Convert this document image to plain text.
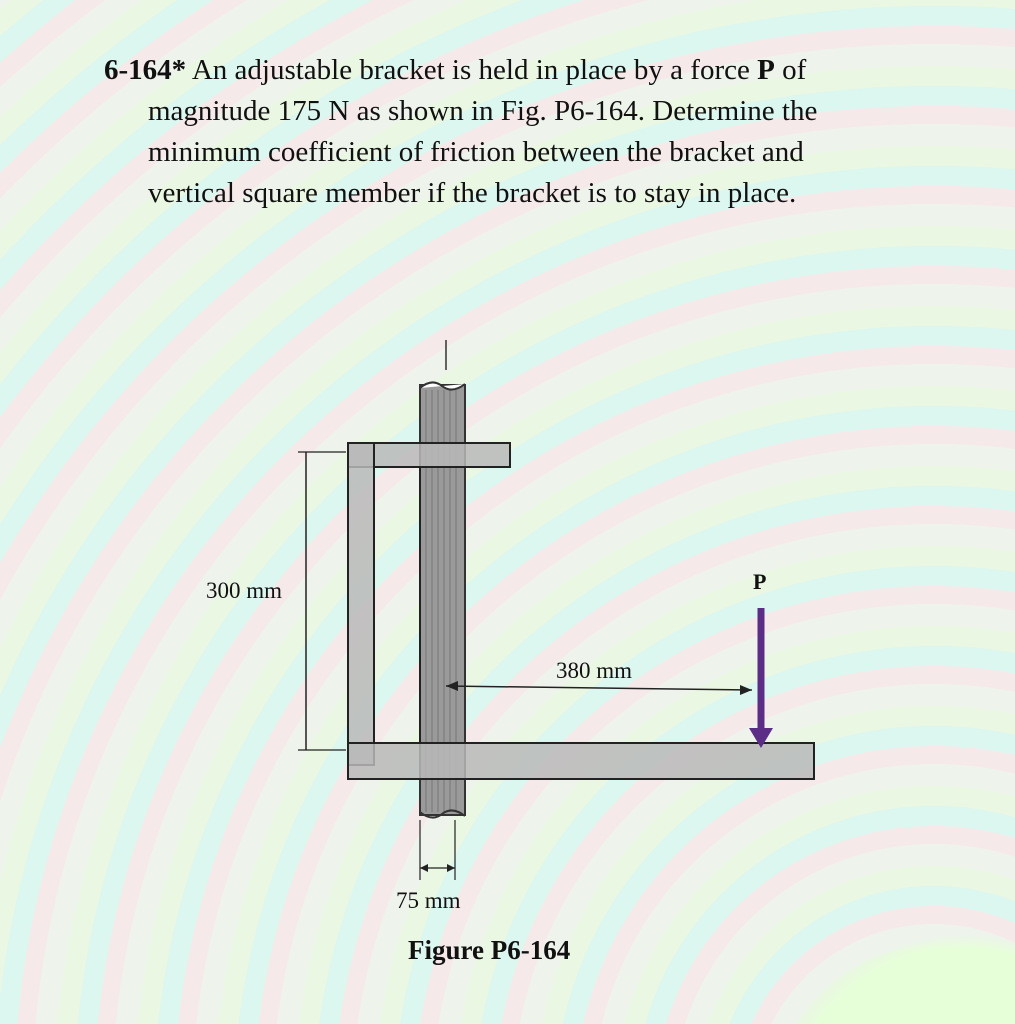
6-164* An adjustable bracket is held in place by a force P of
magnitude 175 N as shown in Fig. P6-164. Determine the
minimum coefficient of friction between the bracket and
vertical square member if the bracket is to stay in place.
300 mm
380 mm
75 mm
P
Figure P6-164
